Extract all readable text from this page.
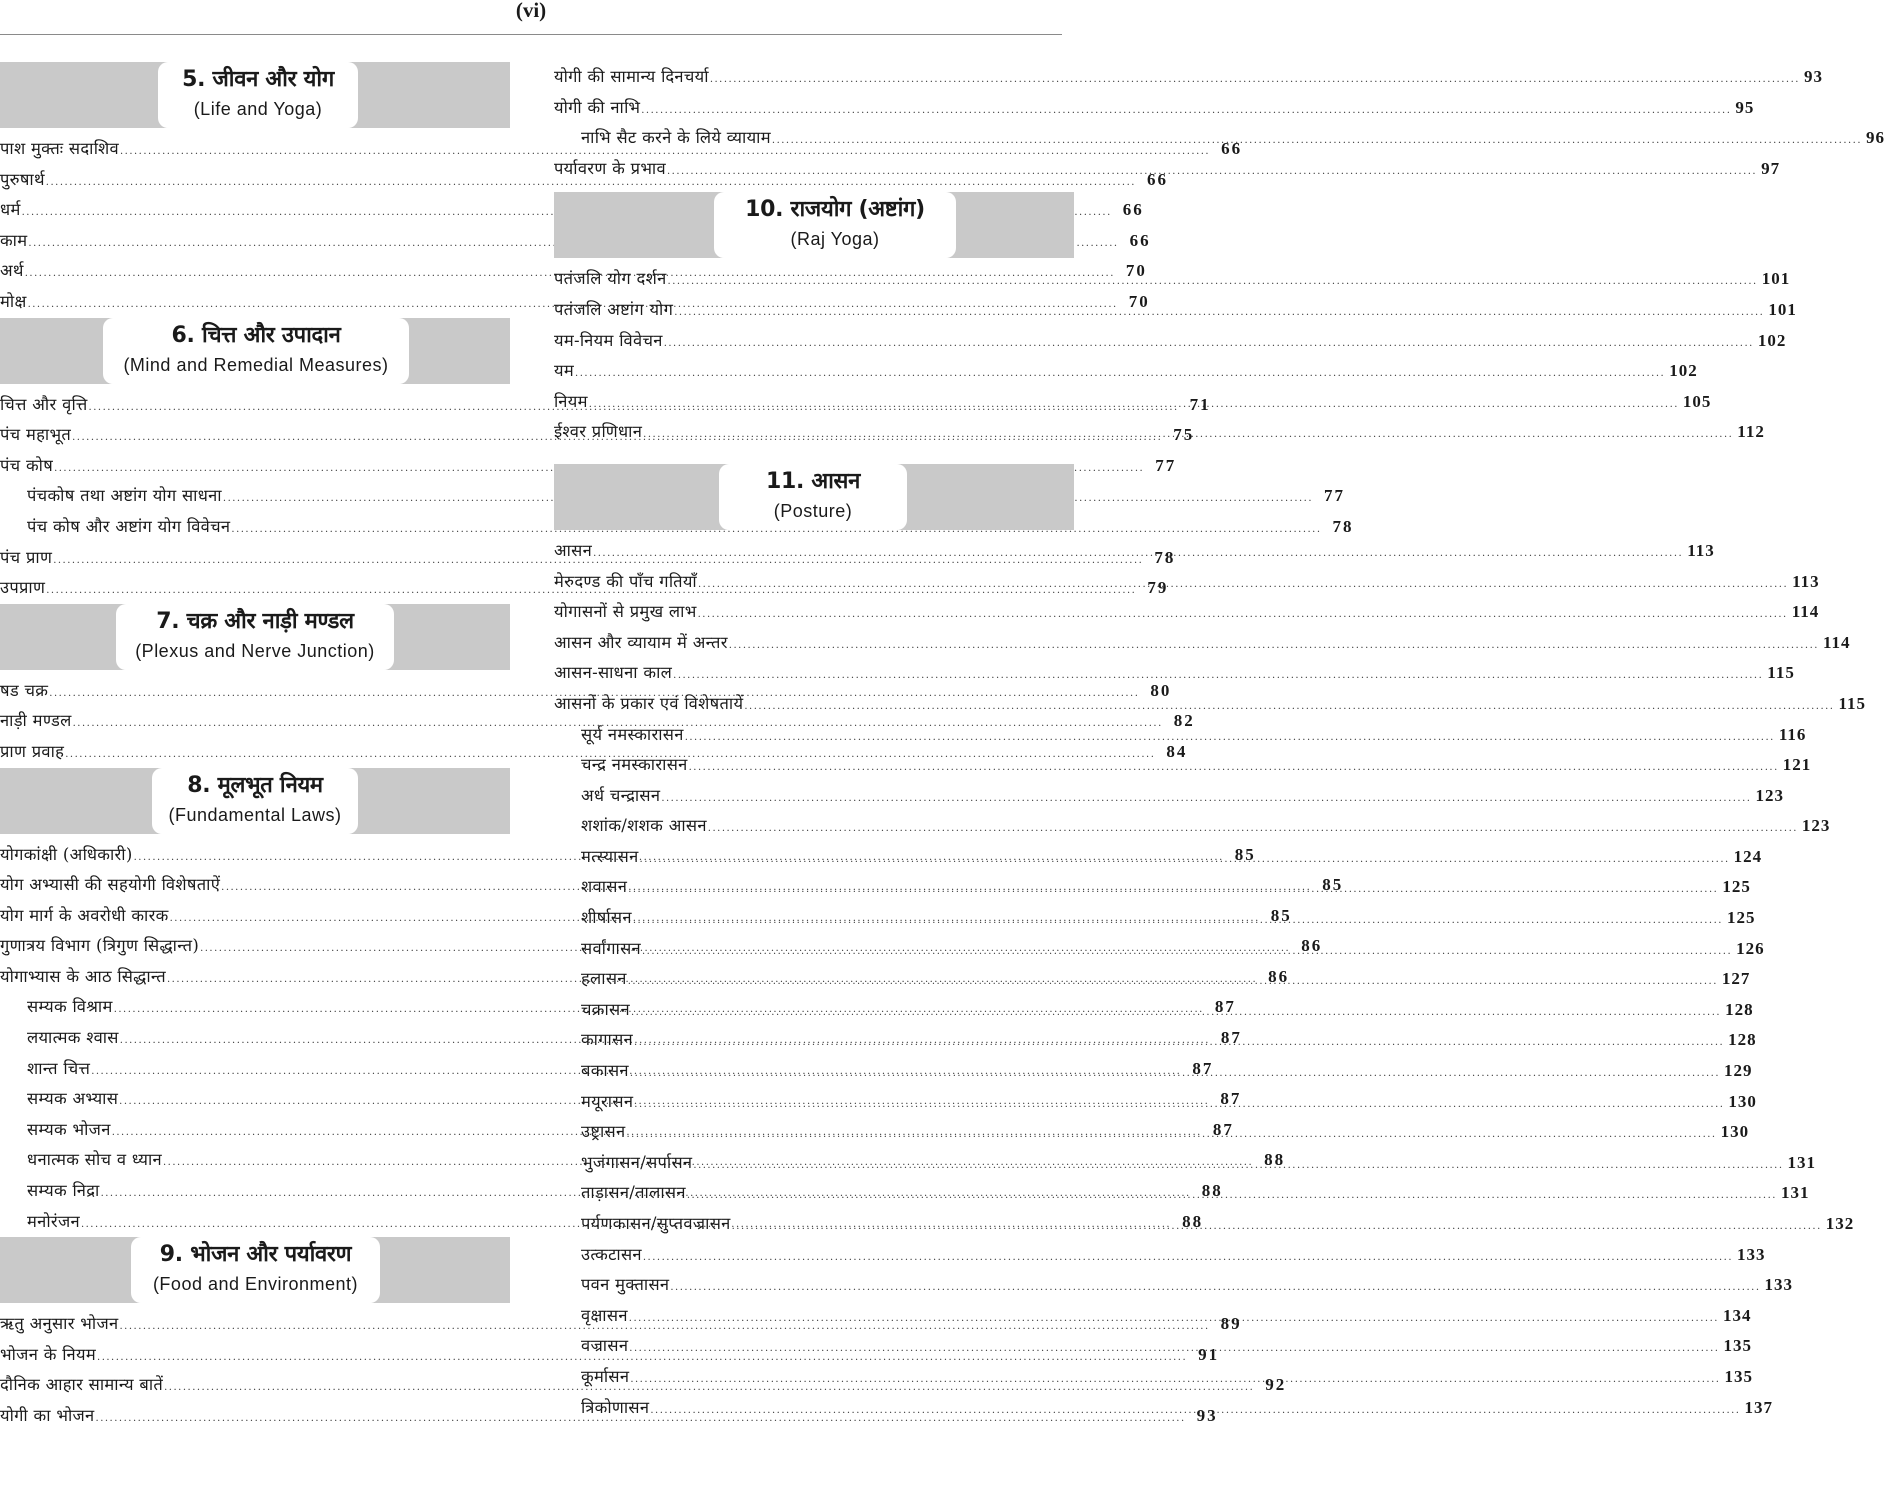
(vi)
5. जीवन और योग
(Life and Yoga)
पाश मुक्तः सदाशिव .....	66
पुरुषार्थ .....	66
धर्म .....	66
काम .....	66
अर्थ .....	70
मोक्ष .....	70
6. चित्त और उपादान
(Mind and Remedial Measures)
चित्त और वृत्ति .....	71
पंच महाभूत .....	75
पंच कोष .....	77
पंचकोष तथा अष्टांग योग साधना .....	77
पंच कोष और अष्टांग योग विवेचन .....	78
पंच प्राण .....	78
उपप्राण .....	79
7. चक्र और नाड़ी मण्डल
(Plexus and Nerve Junction)
षड चक्र .....	80
नाड़ी मण्डल .....	82
प्राण प्रवाह .....	84
8. मूलभूत नियम
(Fundamental Laws)
योगकांक्षी (अधिकारी) .....	85
योग अभ्यासी की सहयोगी विशेषताऐं .....	85
योग मार्ग के अवरोधी कारक .....	85
गुणात्रय विभाग (त्रिगुण सिद्धान्त) .....	86
योगाभ्यास के आठ सिद्धान्त .....	86
सम्यक विश्राम .....	87
लयात्मक श्वास .....	87
शान्त चित्त .....	87
सम्यक अभ्यास .....	87
सम्यक भोजन .....	87
धनात्मक सोच व ध्यान .....	88
सम्यक निद्रा .....	88
मनोरंजन .....	88
9. भोजन और पर्यावरण
(Food and Environment)
ऋतु अनुसार भोजन .....	89
भोजन के नियम .....	91
दौनिक आहार सामान्य बातें .....	92
योगी का भोजन .....	93
योगी की सामान्य दिनचर्या .....	93
योगी की नाभि .....	95
नाभि सैट करने के लिये व्यायाम .....	96
पर्यावरण के प्रभाव .....	97
10. राजयोग (अष्टांग)
(Raj Yoga)
पतंजलि योग दर्शन .....	101
पतंजलि अष्टांग योग .....	101
यम-नियम विवेचन .....	102
यम .....	102
नियम .....	105
ईश्वर प्रणिधान .....	112
11. आसन
(Posture)
आसन .....	113
मेरुदण्ड की पाँच गतियाँ .....	113
योगासनों से प्रमुख लाभ .....	114
आसन और व्यायाम में अन्तर .....	114
आसन-साधना काल .....	115
आसनों के प्रकार एवं विशेषतायें .....	115
सूर्य नमस्कारासन .....	116
चन्द्र नमस्कारासन .....	121
अर्ध चन्द्रासन .....	123
शशांक/शशक आसन .....	123
मत्स्यासन .....	124
शवासन .....	125
शीर्षासन .....	125
सर्वांगासन .....	126
हलासन .....	127
चक्रासन .....	128
कागासन .....	128
बकासन .....	129
मयूरासन .....	130
उष्ट्रासन .....	130
भुजंगासन/सर्पासन .....	131
ताड़ासन/तालासन .....	131
पर्यणकासन/सुप्तवज्रासन .....	132
उत्कटासन .....	133
पवन मुक्तासन .....	133
वृक्षासन .....	134
वज्रासन .....	135
कूर्मासन .....	135
त्रिकोणासन .....	137
